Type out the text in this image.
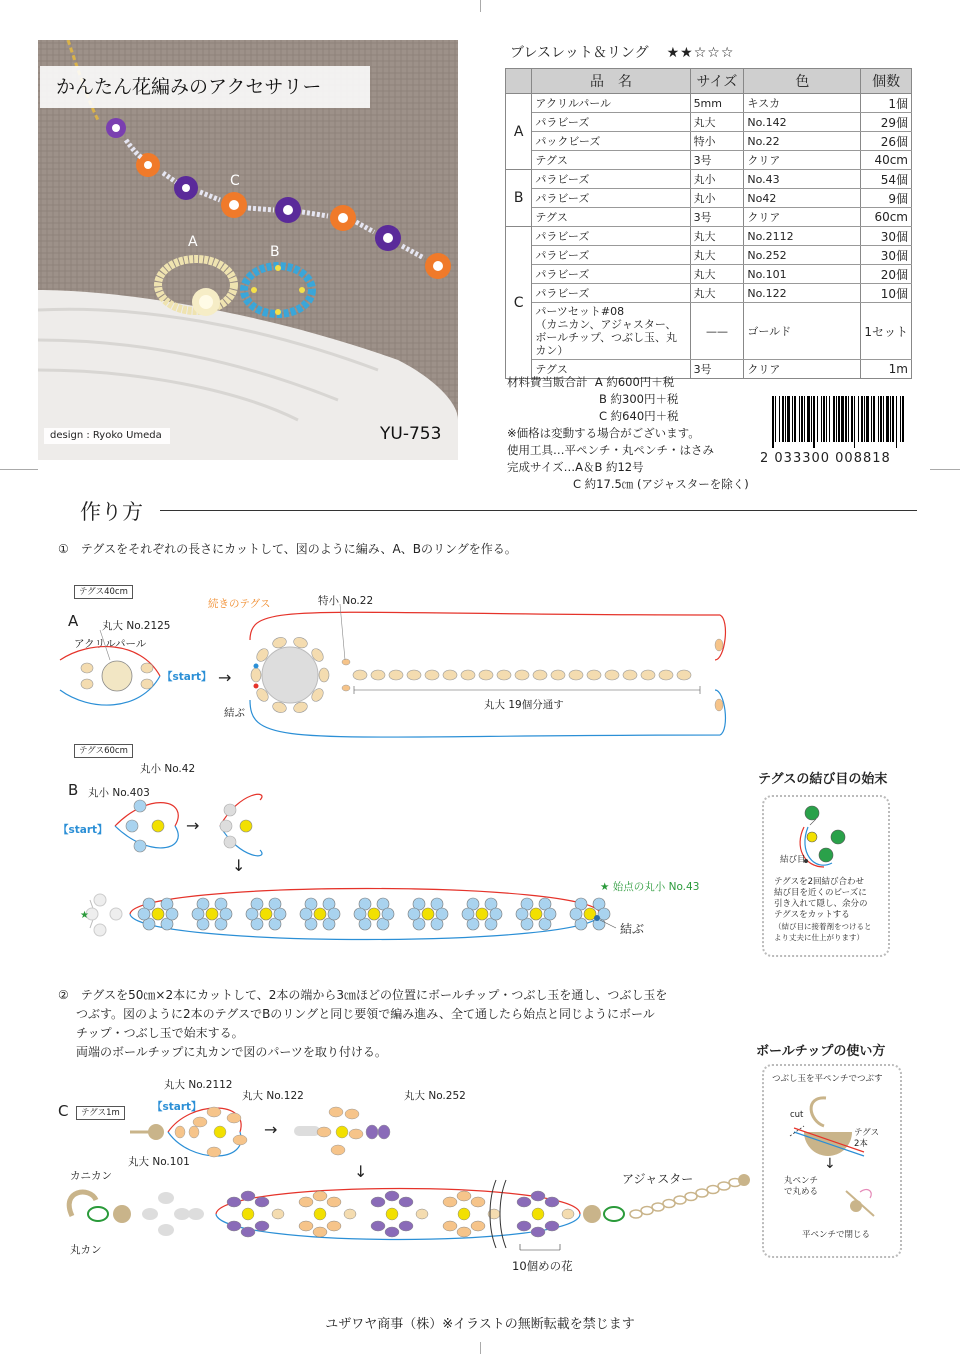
A
B
C
かんたん花編みのアクセサリー
design : Ryoko Umeda	YU-753
ブレスレット＆リング ★★☆☆☆
	品　名	サイズ	色	個数
A	アクリルパール	5mm	キスカ	1個
	パラビーズ	丸大	No.142	29個
	パックビーズ	特小	No.22	26個
	テグス	3号	クリア	40cm
B	パラビーズ	丸小	No.43	54個
	パラビーズ	丸小	No42	9個
	テグス	3号	クリア	60cm
C	パラビーズ	丸大	No.2112	30個
	パラビーズ	丸大	No.252	30個
	パラビーズ	丸大	No.101	20個
	パラビーズ	丸大	No.122	10個
	パーツセット#08
（カニカン、アジャスター、
ボールチップ、つぶし玉、丸カン）	——	ゴールド	1セット
	テグス	3号	クリア	1m
材料費当販合計 A 約600円＋税
B 約300円＋税
C 約640円＋税
※価格は変動する場合がございます。
使用工具…平ペンチ・丸ペンチ・はさみ
完成サイズ…A＆B 約12号
C 約17.5㎝ (アジャスターを除く)
2 033300 008818
作り方
①　テグスをそれぞれの長さにカットして、図のように編み、A、Bのリングを作る。
テグス40cm
A 丸大 No.2125
アクリルパール
【start】 →
続きのテグス	特小 No.22
結ぶ
丸大 19個分通す
テグス60cm
B
丸小 No.42
丸小 No.403
【start】	→
↓
★ 始点の丸小 No.43
結ぶ
★
テグスの結び目の始末
結び目
テグスを2回結び合わせ
結び目を近くのビーズに
引き入れて隠し、余分の
テグスをカットする
（結び目に接着剤をつけると
より丈夫に仕上がります）
②　テグスを50㎝×2本にカットして、2本の端から3㎝ほどの位置にボールチップ・つぶし玉を通し、つぶし玉を
つぶす。図のように2本のテグスでBのリングと同じ要領で編み進み、全て通したら始点と同じようにボール
チップ・つぶし玉で始末する。
両端のボールチップに丸カンで図のパーツを取り付ける。
C	テグス1m
丸大 No.2112
丸大 No.122	丸大 No.252
丸大 No.101
【start】
→
↓
カニカン
丸カン
アジャスター
10個めの花
ボールチップの使い方
つぶし玉を平ペンチでつぶす
cut
テグス
2本
↓
丸ペンチ
で丸める
平ペンチで閉じる
ユザワヤ商事（株）※イラストの無断転載を禁じます
